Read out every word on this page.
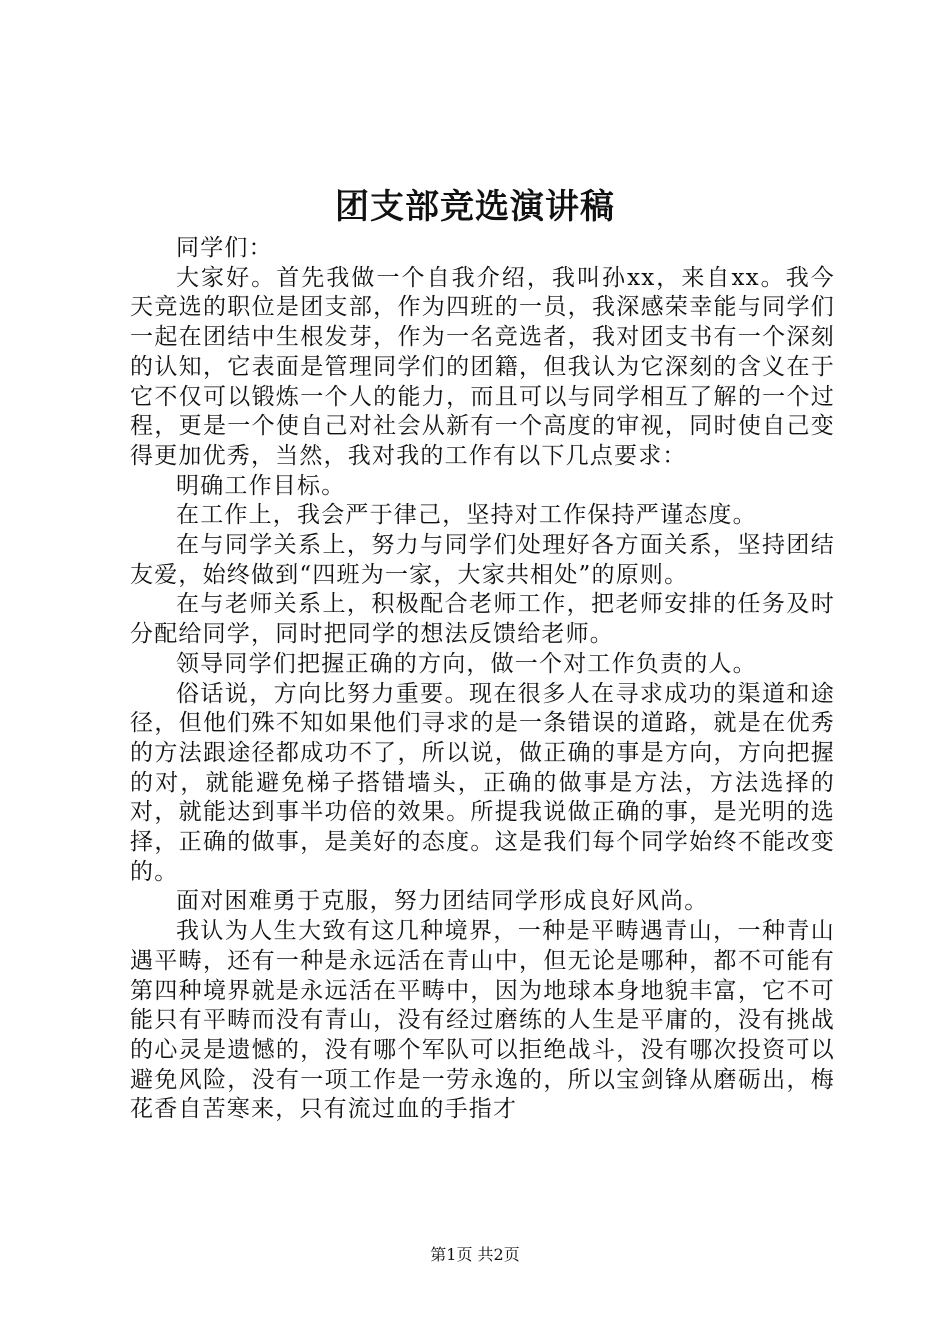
团支部竞选演讲稿

同学们：

大家好。首先我做一个自我介绍，我叫孙xx，来自xx。我今天竞选的职位是团支部，作为四班的一员，我深感荣幸能与同学们一起在团结中生根发芽，作为一名竞选者，我对团支书有一个深刻的认知，它表面是管理同学们的团籍，但我认为它深刻的含义在于它不仅可以锻炼一个人的能力，而且可以与同学相互了解的一个过程，更是一个使自己对社会从新有一个高度的审视，同时使自己变得更加优秀，当然，我对我的工作有以下几点要求：

明确工作目标。

在工作上，我会严于律己，坚持对工作保持严谨态度。

在与同学关系上，努力与同学们处理好各方面关系，坚持团结友爱，始终做到“四班为一家，大家共相处”的原则。

在与老师关系上，积极配合老师工作，把老师安排的任务及时分配给同学，同时把同学的想法反馈给老师。

领导同学们把握正确的方向，做一个对工作负责的人。

俗话说，方向比努力重要。现在很多人在寻求成功的渠道和途径，但他们殊不知如果他们寻求的是一条错误的道路，就是在优秀的方法跟途径都成功不了，所以说，做正确的事是方向，方向把握的对，就能避免梯子搭错墙头，正确的做事是方法，方法选择的对，就能达到事半功倍的效果。所提我说做正确的事，是光明的选择，正确的做事，是美好的态度。这是我们每个同学始终不能改变的。

面对困难勇于克服，努力团结同学形成良好风尚。

我认为人生大致有这几种境界，一种是平畴遇青山，一种青山遇平畴，还有一种是永远活在青山中，但无论是哪种，都不可能有第四种境界就是永远活在平畴中，因为地球本身地貌丰富，它不可能只有平畴而没有青山，没有经过磨练的人生是平庸的，没有挑战的心灵是遗憾的，没有哪个军队可以拒绝战斗，没有哪次投资可以避免风险，没有一项工作是一劳永逸的，所以宝剑锋从磨砺出，梅花香自苦寒来，只有流过血的手指才

第1页 共2页
